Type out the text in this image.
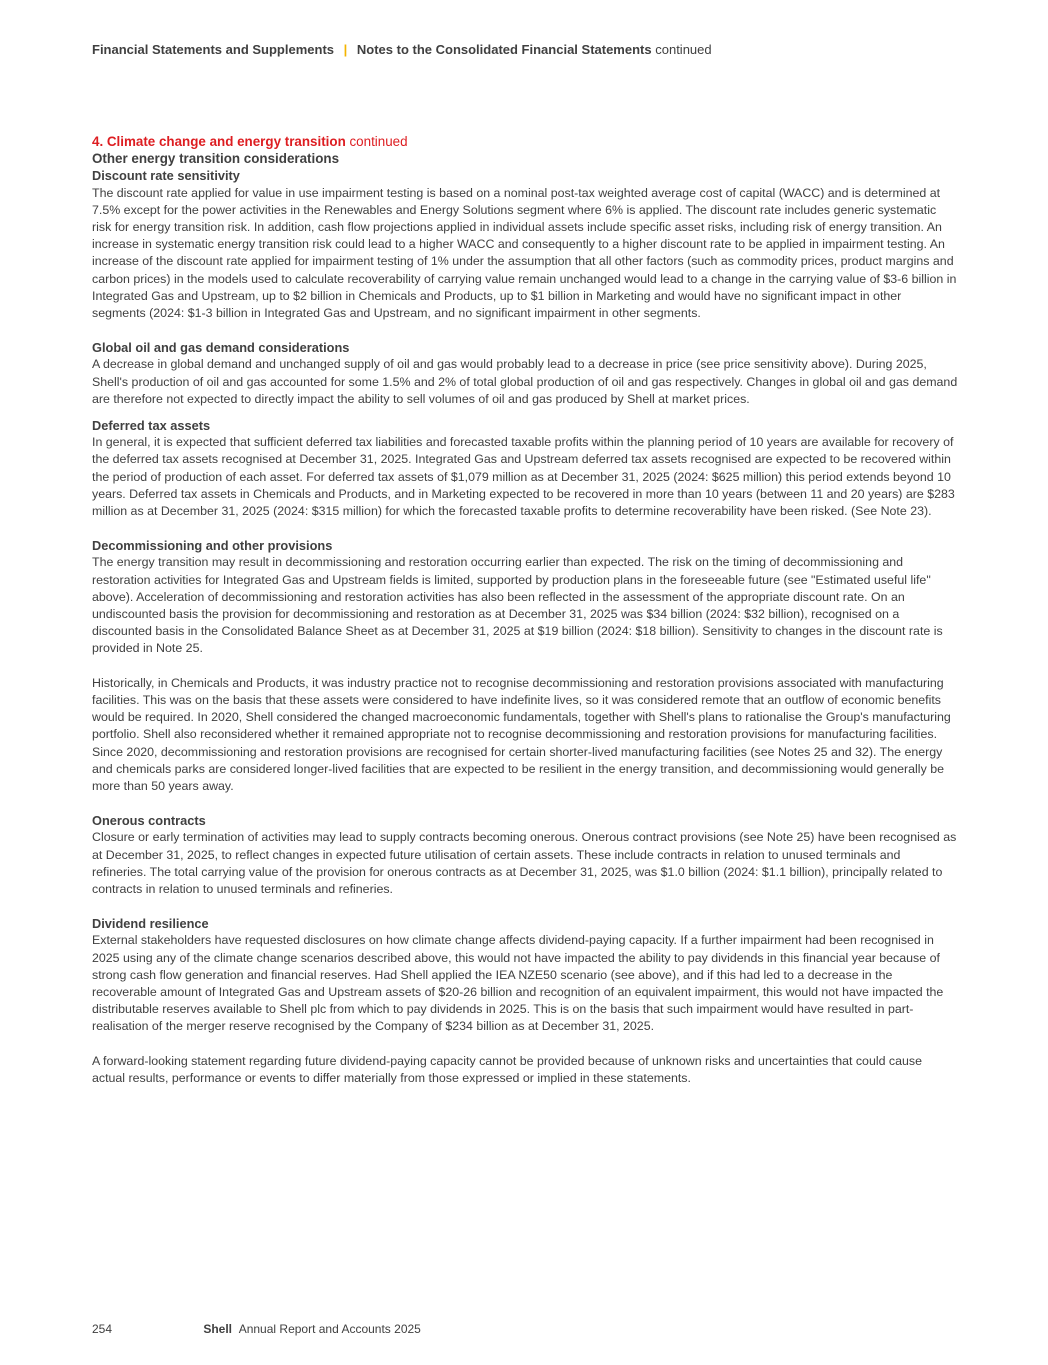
Financial Statements and Supplements | Notes to the Consolidated Financial Statements continued

4. Climate change and energy transition continued

Other energy transition considerations

Discount rate sensitivity

The discount rate applied for value in use impairment testing is based on a nominal post-tax weighted average cost of capital (WACC) and is determined at 7.5% except for the power activities in the Renewables and Energy Solutions segment where 6% is applied. The discount rate includes generic systematic risk for energy transition risk. In addition, cash flow projections applied in individual assets include specific asset risks, including risk of energy transition. An increase in systematic energy transition risk could lead to a higher WACC and consequently to a higher discount rate to be applied in impairment testing. An increase of the discount rate applied for impairment testing of 1% under the assumption that all other factors (such as commodity prices, product margins and carbon prices) in the models used to calculate recoverability of carrying value remain unchanged would lead to a change in the carrying value of $3-6 billion in Integrated Gas and Upstream, up to $2 billion in Chemicals and Products, up to $1 billion in Marketing and would have no significant impact in other segments (2024: $1-3 billion in Integrated Gas and Upstream, and no significant impairment in other segments.

Global oil and gas demand considerations

A decrease in global demand and unchanged supply of oil and gas would probably lead to a decrease in price (see price sensitivity above). During 2025, Shell's production of oil and gas accounted for some 1.5% and 2% of total global production of oil and gas respectively. Changes in global oil and gas demand are therefore not expected to directly impact the ability to sell volumes of oil and gas produced by Shell at market prices.

Deferred tax assets

In general, it is expected that sufficient deferred tax liabilities and forecasted taxable profits within the planning period of 10 years are available for recovery of the deferred tax assets recognised at December 31, 2025. Integrated Gas and Upstream deferred tax assets recognised are expected to be recovered within the period of production of each asset. For deferred tax assets of $1,079 million as at December 31, 2025 (2024: $625 million) this period extends beyond 10 years. Deferred tax assets in Chemicals and Products, and in Marketing expected to be recovered in more than 10 years (between 11 and 20 years) are $283 million as at December 31, 2025 (2024: $315 million) for which the forecasted taxable profits to determine recoverability have been risked. (See Note 23).

Decommissioning and other provisions

The energy transition may result in decommissioning and restoration occurring earlier than expected. The risk on the timing of decommissioning and restoration activities for Integrated Gas and Upstream fields is limited, supported by production plans in the foreseeable future (see "Estimated useful life" above). Acceleration of decommissioning and restoration activities has also been reflected in the assessment of the appropriate discount rate. On an undiscounted basis the provision for decommissioning and restoration as at December 31, 2025 was $34 billion (2024: $32 billion), recognised on a discounted basis in the Consolidated Balance Sheet as at December 31, 2025 at $19 billion (2024: $18 billion). Sensitivity to changes in the discount rate is provided in Note 25.

Historically, in Chemicals and Products, it was industry practice not to recognise decommissioning and restoration provisions associated with manufacturing facilities. This was on the basis that these assets were considered to have indefinite lives, so it was considered remote that an outflow of economic benefits would be required. In 2020, Shell considered the changed macroeconomic fundamentals, together with Shell's plans to rationalise the Group's manufacturing portfolio. Shell also reconsidered whether it remained appropriate not to recognise decommissioning and restoration provisions for manufacturing facilities. Since 2020, decommissioning and restoration provisions are recognised for certain shorter-lived manufacturing facilities (see Notes 25 and 32). The energy and chemicals parks are considered longer-lived facilities that are expected to be resilient in the energy transition, and decommissioning would generally be more than 50 years away.

Onerous contracts

Closure or early termination of activities may lead to supply contracts becoming onerous. Onerous contract provisions (see Note 25) have been recognised as at December 31, 2025, to reflect changes in expected future utilisation of certain assets. These include contracts in relation to unused terminals and refineries. The total carrying value of the provision for onerous contracts as at December 31, 2025, was $1.0 billion (2024: $1.1 billion), principally related to contracts in relation to unused terminals and refineries.

Dividend resilience

External stakeholders have requested disclosures on how climate change affects dividend-paying capacity. If a further impairment had been recognised in 2025 using any of the climate change scenarios described above, this would not have impacted the ability to pay dividends in this financial year because of strong cash flow generation and financial reserves. Had Shell applied the IEA NZE50 scenario (see above), and if this had led to a decrease in the recoverable amount of Integrated Gas and Upstream assets of $20-26 billion and recognition of an equivalent impairment, this would not have impacted the distributable reserves available to Shell plc from which to pay dividends in 2025. This is on the basis that such impairment would have resulted in part-realisation of the merger reserve recognised by the Company of $234 billion as at December 31, 2025.

A forward-looking statement regarding future dividend-paying capacity cannot be provided because of unknown risks and uncertainties that could cause actual results, performance or events to differ materially from those expressed or implied in these statements.

254	Shell Annual Report and Accounts 2025
